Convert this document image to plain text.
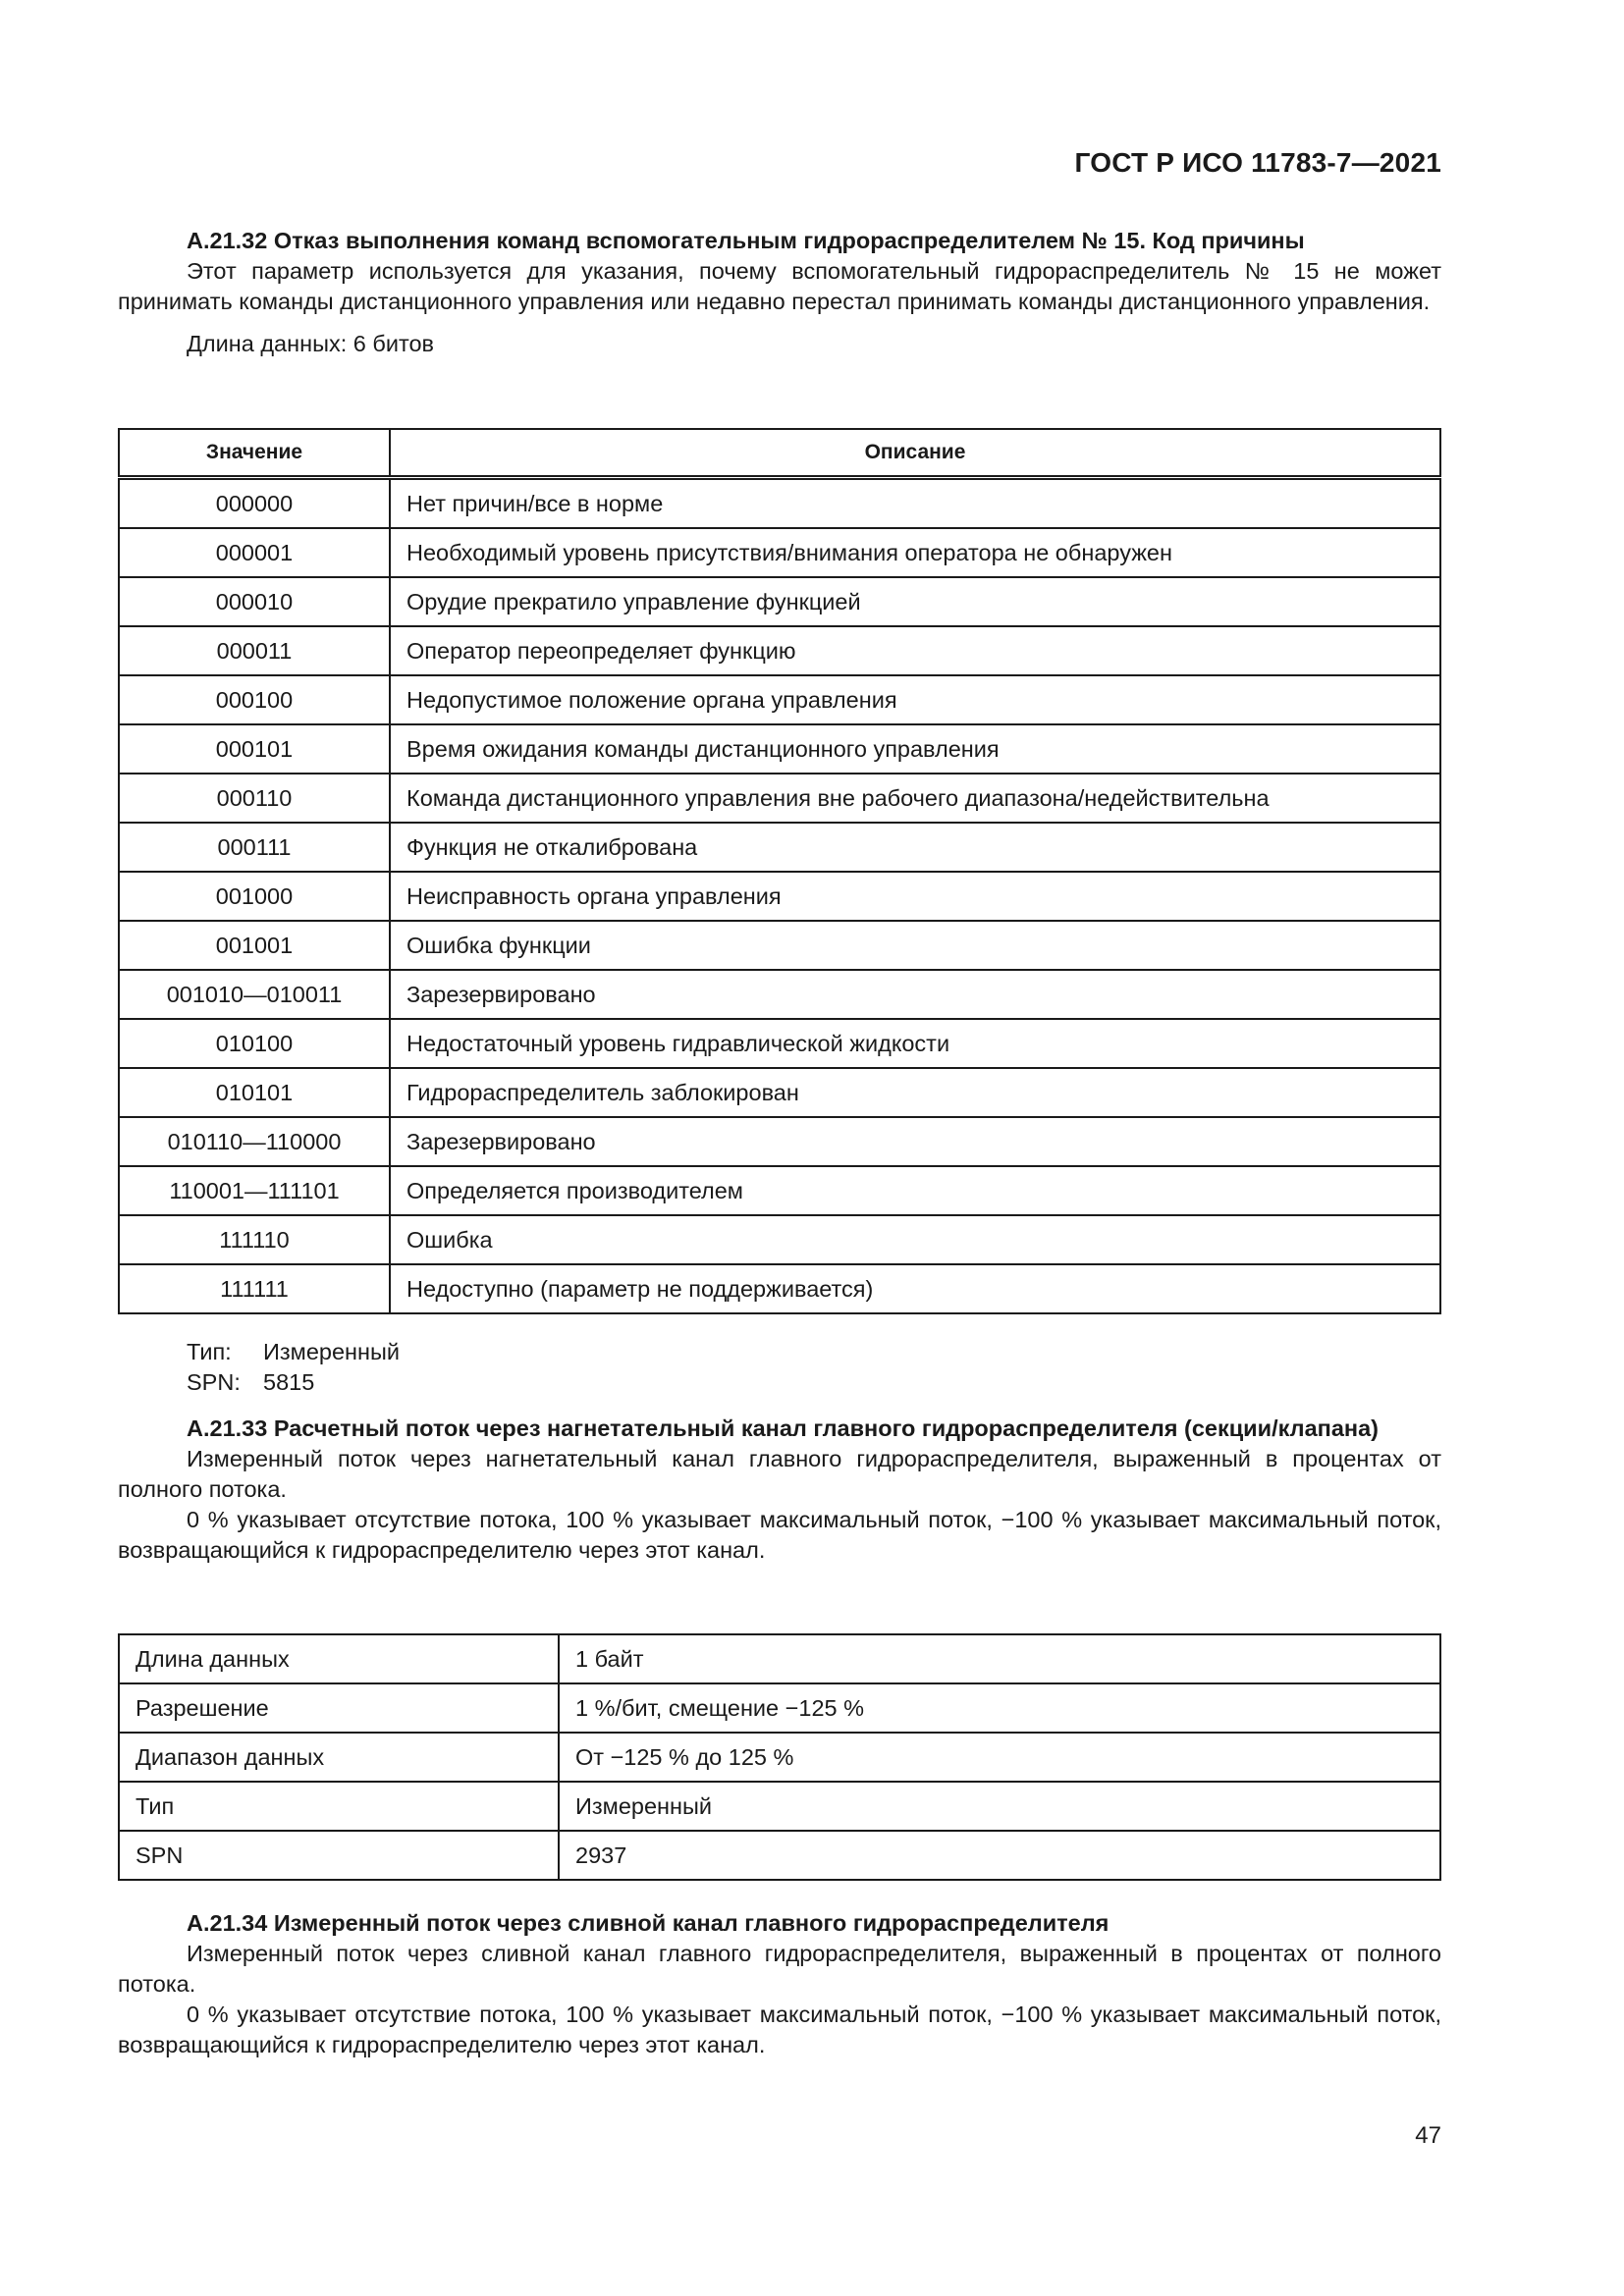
ГОСТ Р ИСО 11783-7—2021

А.21.32 Отказ выполнения команд вспомогательным гидрораспределителем № 15. Код причины

Этот параметр используется для указания, почему вспомогательный гидрораспределитель № 15 не может принимать команды дистанционного управления или недавно перестал принимать команды дистанционного управления.

Длина данных: 6 битов

Значение	Описание
000000	Нет причин/все в норме
000001	Необходимый уровень присутствия/внимания оператора не обнаружен
000010	Орудие прекратило управление функцией
000011	Оператор переопределяет функцию
000100	Недопустимое положение органа управления
000101	Время ожидания команды дистанционного управления
000110	Команда дистанционного управления вне рабочего диапазона/недействительна
000111	Функция не откалибрована
001000	Неисправность органа управления
001001	Ошибка функции
001010—010011	Зарезервировано
010100	Недостаточный уровень гидравлической жидкости
010101	Гидрораспределитель заблокирован
010110—110000	Зарезервировано
110001—111101	Определяется производителем
111110	Ошибка
111111	Недоступно (параметр не поддерживается)

Тип: Измеренный

SPN: 5815

А.21.33 Расчетный поток через нагнетательный канал главного гидрораспределителя (секции/клапана)

Измеренный поток через нагнетательный канал главного гидрораспределителя, выраженный в процентах от полного потока.

0 % указывает отсутствие потока, 100 % указывает максимальный поток, −100 % указывает максимальный поток, возвращающийся к гидрораспределителю через этот канал.

Длина данных	1 байт
Разрешение	1 %/бит, смещение −125 %
Диапазон данных	От −125 % до 125 %
Тип	Измеренный
SPN	2937

А.21.34 Измеренный поток через сливной канал главного гидрораспределителя

Измеренный поток через сливной канал главного гидрораспределителя, выраженный в процентах от полного потока.

0 % указывает отсутствие потока, 100 % указывает максимальный поток, −100 % указывает максимальный поток, возвращающийся к гидрораспределителю через этот канал.

47
